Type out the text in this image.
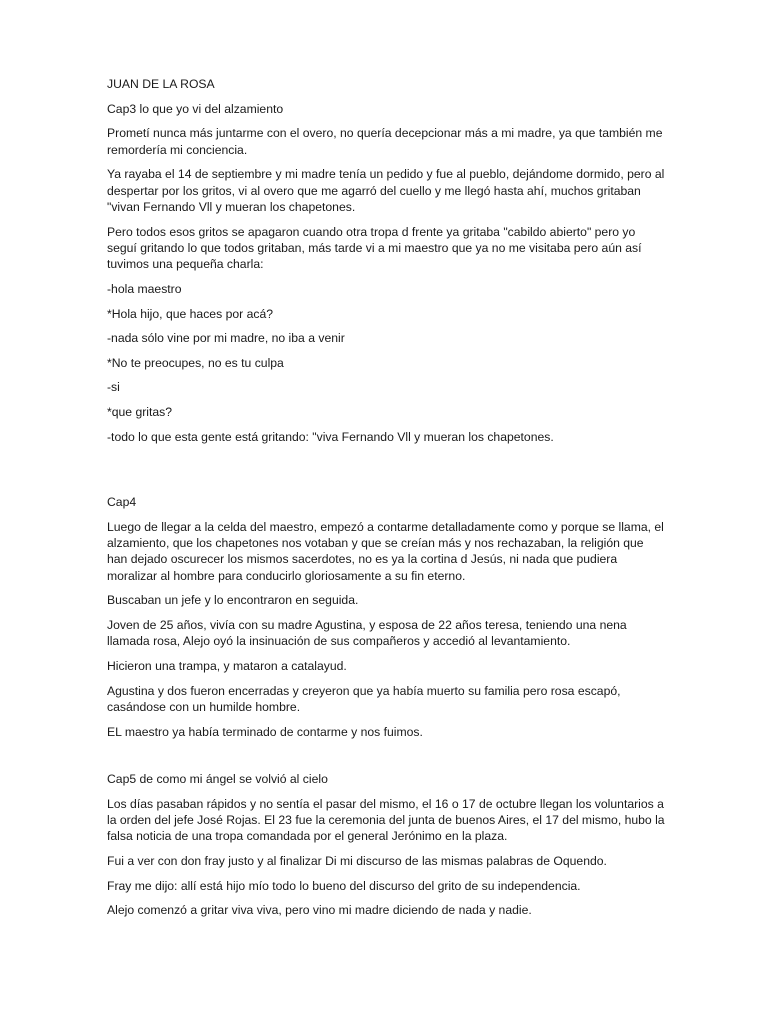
JUAN DE LA ROSA

Cap3 lo que yo vi del alzamiento

Prometí nunca más juntarme con el overo, no quería decepcionar más a mi madre, ya que también me remordería mi conciencia.

Ya rayaba el 14 de septiembre y mi madre tenía un pedido y fue al pueblo, dejándome dormido, pero al despertar por los gritos, vi al overo que me agarró del cuello y me llegó hasta ahí, muchos gritaban "vivan Fernando Vll y mueran los chapetones.

Pero todos esos gritos se apagaron cuando otra tropa d frente ya gritaba "cabildo abierto" pero yo seguí gritando lo que todos gritaban, más tarde vi a mi maestro que ya no me visitaba pero aún así tuvimos una pequeña charla:

-hola maestro

*Hola hijo, que haces por acá?

-nada sólo vine por mi madre, no iba a venir

*No te preocupes, no es tu culpa

-si

*que gritas?

-todo lo que esta gente está gritando: "viva Fernando Vll y mueran los chapetones.

Cap4

Luego de llegar a la celda del maestro, empezó a contarme detalladamente como y porque se llama, el alzamiento, que los chapetones nos votaban y que se creían más y nos rechazaban, la religión que han dejado oscurecer los mismos sacerdotes, no es ya la cortina d Jesús, ni nada que pudiera moralizar al hombre para conducirlo gloriosamente a su fin eterno.

Buscaban un jefe y lo encontraron en seguida.

Joven de 25 años, vivía con su madre Agustina, y esposa de 22 años teresa, teniendo una nena llamada rosa, Alejo oyó la insinuación de sus compañeros y accedió al levantamiento.

Hicieron una trampa, y mataron a catalayud.

Agustina y dos fueron encerradas y creyeron que ya había muerto su familia pero rosa escapó, casándose con un humilde hombre.

EL maestro ya había terminado de contarme y nos fuimos.

Cap5 de como mi ángel se volvió al cielo

Los días pasaban rápidos y no sentía el pasar del mismo, el 16 o 17 de octubre llegan los voluntarios a la orden del jefe José Rojas. El 23 fue la ceremonia del junta de buenos Aires, el 17 del mismo, hubo la falsa noticia de una tropa comandada por el general Jerónimo en la plaza.

Fui a ver con don fray justo y al finalizar Di mi discurso de las mismas palabras de Oquendo.

Fray me dijo: allí está hijo mío todo lo bueno del discurso del grito de su independencia.

Alejo comenzó a gritar viva viva, pero vino mi madre diciendo de nada y nadie.
